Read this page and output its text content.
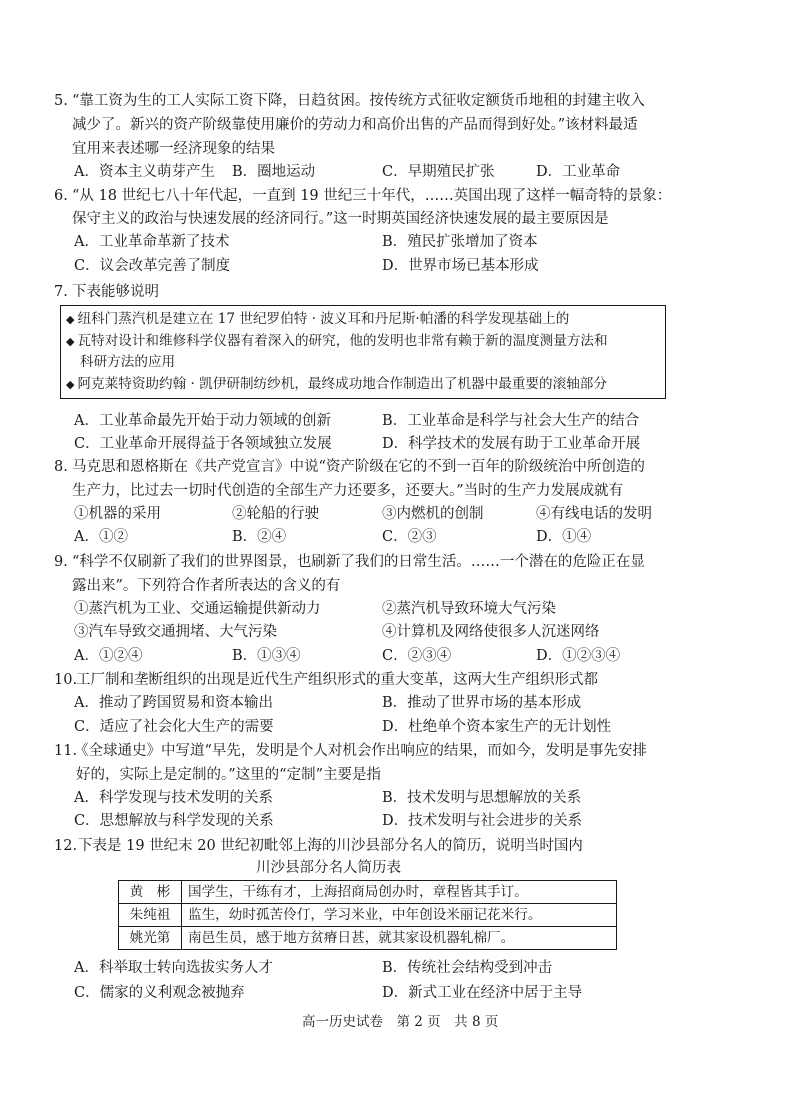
5. “靠工资为生的工人实际工资下降，日趋贫困。按传统方式征收定额货币地租的封建主收入
减少了。新兴的资产阶级靠使用廉价的劳动力和高价出售的产品而得到好处。”该材料最适
宜用来表述哪一经济现象的结果
A．资本主义萌芽产生 B．圈地运动	C．早期殖民扩张	D．工业革命
6. “从 18 世纪七八十年代起，一直到 19 世纪三十年代，……英国出现了这样一幅奇特的景象：
保守主义的政治与快速发展的经济同行。”这一时期英国经济快速发展的最主要原因是
A．工业革命革新了技术	B．殖民扩张增加了资本
C．议会改革完善了制度	D．世界市场已基本形成
7. 下表能够说明
◆ 纽科门蒸汽机是建立在 17 世纪罗伯特 · 波义耳和丹尼斯·帕潘的科学发现基础上的
◆ 瓦特对设计和维修科学仪器有着深入的研究，他的发明也非常有赖于新的温度测量方法和
科研方法的应用
◆ 阿克莱特资助约翰 · 凯伊研制纺纱机，最终成功地合作制造出了机器中最重要的滚轴部分
A．工业革命最先开始于动力领域的创新	B．工业革命是科学与社会大生产的结合
C．工业革命开展得益于各领域独立发展	D．科学技术的发展有助于工业革命开展
8. 马克思和恩格斯在《共产党宣言》中说“资产阶级在它的不到一百年的阶级统治中所创造的
生产力，比过去一切时代创造的全部生产力还要多，还要大。”当时的生产力发展成就有
①机器的采用	②轮船的行驶	③内燃机的创制	④有线电话的发明
A．①②	B．②④	C．②③	D．①④
9. “科学不仅刷新了我们的世界图景，也刷新了我们的日常生活。……一个潜在的危险正在显
露出来”。下列符合作者所表达的含义的有
①蒸汽机为工业、交通运输提供新动力	②蒸汽机导致环境大气污染
③汽车导致交通拥堵、大气污染	④计算机及网络使很多人沉迷网络
A．①②④	B．①③④	C．②③④	D．①②③④
10.
工厂制和垄断组织的出现是近代生产组织形式的重大变革，这两大生产组织形式都
A．推动了跨国贸易和资本输出	B．推动了世界市场的基本形成
C．适应了社会化大生产的需要	D．杜绝单个资本家生产的无计划性
11.
《全球通史》中写道“早先，发明是个人对机会作出响应的结果，而如今，发明是事先安排
好的，实际上是定制的。”这里的“定制”主要是指
A．科学发现与技术发明的关系	B．技术发明与思想解放的关系
C．思想解放与科学发现的关系	D．技术发明与社会进步的关系
12. 下表是 19 世纪末 20 世纪初毗邻上海的川沙县部分名人的简历，说明当时国内
川沙县部分名人简历表
黄　彬	国学生，干练有才，上海招商局创办时，章程皆其手订。
朱纯祖	监生，幼时孤苦伶仃，学习米业，中年创设米丽记花米行。
姚光第	南邑生员，感于地方贫瘠日甚，就其家设机器轧棉厂。
A．科举取士转向选拔实务人才	B．传统社会结构受到冲击
C．儒家的义利观念被抛弃	D．新式工业在经济中居于主导
高一历史试卷　第 2 页　共 8 页
